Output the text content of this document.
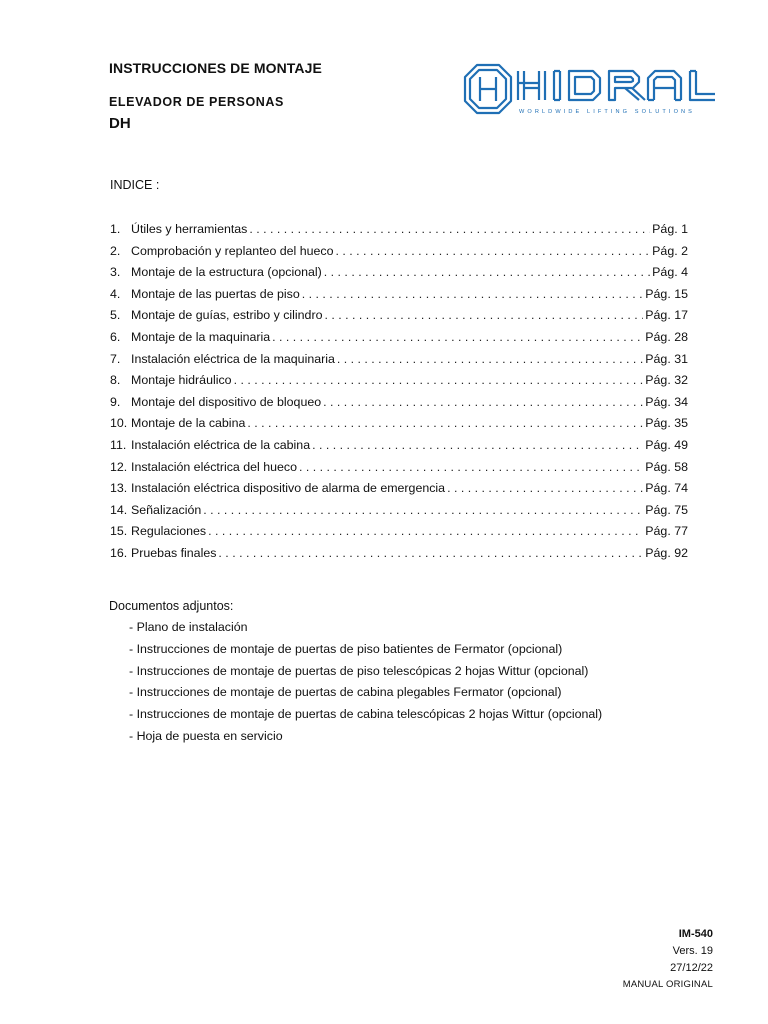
INSTRUCCIONES DE MONTAJE
ELEVADOR DE PERSONAS
DH
WORLDWIDE LIFTING SOLUTIONS
INDICE :
1. Útiles y herramientas . . .	Pág. 1
2. Comprobación y replanteo del hueco . . .	Pág. 2
3. Montaje de la estructura (opcional) . . .	Pág. 4
4. Montaje de las puertas de piso . . .	Pág. 15
5. Montaje de guías, estribo y cilindro . . .	Pág. 17
6. Montaje de la maquinaria . . .	Pág. 28
7. Instalación eléctrica de la maquinaria . . .	Pág. 31
8. Montaje hidráulico . . .	Pág. 32
9. Montaje del dispositivo de bloqueo . . .	Pág. 34
10. Montaje de la cabina . . .	Pág. 35
11. Instalación eléctrica de la cabina . . .	Pág. 49
12. Instalación eléctrica del hueco . . .	Pág. 58
13. Instalación eléctrica dispositivo de alarma de emergencia . . .	Pág. 74
14. Señalización . . .	Pág. 75
15. Regulaciones . . .	Pág. 77
16. Pruebas finales . . .	Pág. 92
Documentos adjuntos:
- Plano de instalación
- Instrucciones de montaje de puertas de piso batientes de Fermator (opcional)
- Instrucciones de montaje de puertas de piso telescópicas 2 hojas Wittur (opcional)
- Instrucciones de montaje de puertas de cabina plegables Fermator (opcional)
- Instrucciones de montaje de puertas de cabina telescópicas 2 hojas Wittur (opcional)
- Hoja de puesta en servicio
IM-540
Vers. 19
27/12/22
MANUAL ORIGINAL
